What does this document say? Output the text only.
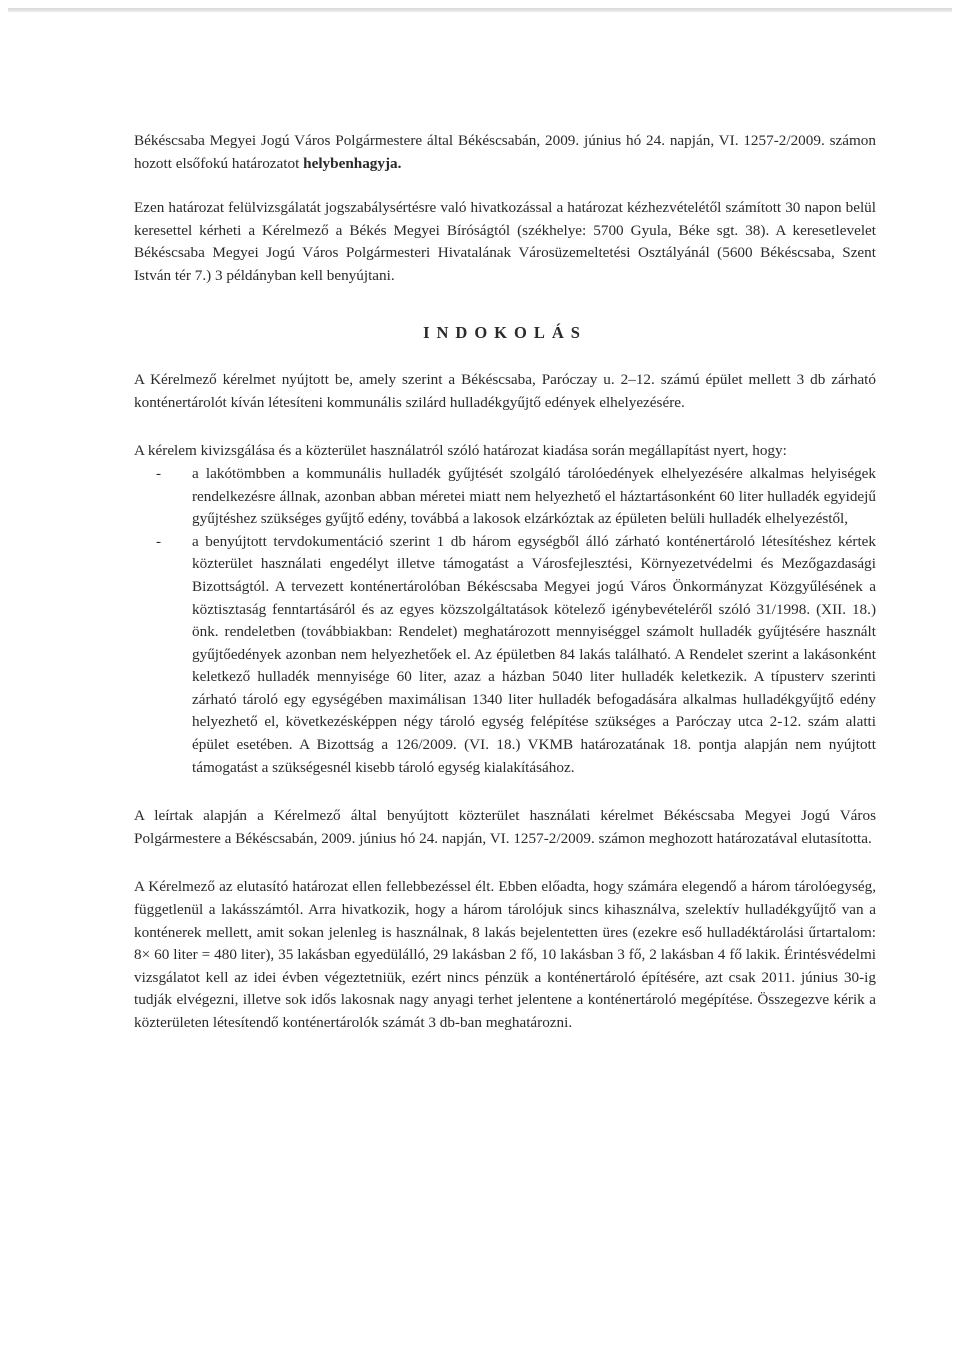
Békéscsaba Megyei Jogú Város Polgármestere által Békéscsabán, 2009. június hó 24. napján, VI. 1257-2/2009. számon hozott elsőfokú határozatot helybenhagyja.

Ezen határozat felülvizsgálatát jogszabálysértésre való hivatkozással a határozat kézhezvételétől számított 30 napon belül keresettel kérheti a Kérelmező a Békés Megyei Bíróságtól (székhelye: 5700 Gyula, Béke sgt. 38). A keresetlevelet Békéscsaba Megyei Jogú Város Polgármesteri Hivatalának Városüzemeltetési Osztályánál (5600 Békéscsaba, Szent István tér 7.) 3 példányban kell benyújtani.

INDOKOLÁS

A Kérelmező kérelmet nyújtott be, amely szerint a Békéscsaba, Paróczay u. 2–12. számú épület mellett 3 db zárható konténertárolót kíván létesíteni kommunális szilárd hulladékgyűjtő edények elhelyezésére.

A kérelem kivizsgálása és a közterület használatról szóló határozat kiadása során megállapítást nyert, hogy:

- a lakótömbben a kommunális hulladék gyűjtését szolgáló tárolóedények elhelyezésére alkalmas helyiségek rendelkezésre állnak, azonban abban méretei miatt nem helyezhető el háztartásonként 60 liter hulladék egyidejű gyűjtéshez szükséges gyűjtő edény, továbbá a lakosok elzárkóztak az épületen belüli hulladék elhelyezéstől,
- a benyújtott tervdokumentáció szerint 1 db három egységből álló zárható konténertároló létesítéshez kértek közterület használati engedélyt illetve támogatást a Városfejlesztési, Környezetvédelmi és Mezőgazdasági Bizottságtól. A tervezett konténertárolóban Békéscsaba Megyei jogú Város Önkormányzat Közgyűlésének a köztisztaság fenntartásáról és az egyes közszolgáltatások kötelező igénybevételéről szóló 31/1998. (XII. 18.) önk. rendeletben (továbbiakban: Rendelet) meghatározott mennyiséggel számolt hulladék gyűjtésére használt gyűjtőedények azonban nem helyezhetőek el. Az épületben 84 lakás található. A Rendelet szerint a lakásonként keletkező hulladék mennyisége 60 liter, azaz a házban 5040 liter hulladék keletkezik. A típusterv szerinti zárható tároló egy egységében maximálisan 1340 liter hulladék befogadására alkalmas hulladékgyűjtő edény helyezhető el, következésképpen négy tároló egység felépítése szükséges a Paróczay utca 2-12. szám alatti épület esetében. A Bizottság a 126/2009. (VI. 18.) VKMB határozatának 18. pontja alapján nem nyújtott támogatást a szükségesnél kisebb tároló egység kialakításához.

A leírtak alapján a Kérelmező által benyújtott közterület használati kérelmet Békéscsaba Megyei Jogú Város Polgármestere a Békéscsabán, 2009. június hó 24. napján, VI. 1257-2/2009. számon meghozott határozatával elutasította.

A Kérelmező az elutasító határozat ellen fellebbezéssel élt. Ebben előadta, hogy számára elegendő a három tárolóegység, függetlenül a lakásszámtól. Arra hivatkozik, hogy a három tárolójuk sincs kihasználva, szelektív hulladékgyűjtő van a konténerek mellett, amit sokan jelenleg is használnak, 8 lakás bejelentetten üres (ezekre eső hulladéktárolási űrtartalom: 8× 60 liter = 480 liter), 35 lakásban egyedülálló, 29 lakásban 2 fő, 10 lakásban 3 fő, 2 lakásban 4 fő lakik. Érintésvédelmi vizsgálatot kell az idei évben végeztetniük, ezért nincs pénzük a konténertároló építésére, azt csak 2011. június 30-ig tudják elvégezni, illetve sok idős lakosnak nagy anyagi terhet jelentene a konténertároló megépítése. Összegezve kérik a közterületen létesítendő konténertárolók számát 3 db-ban meghatározni.
